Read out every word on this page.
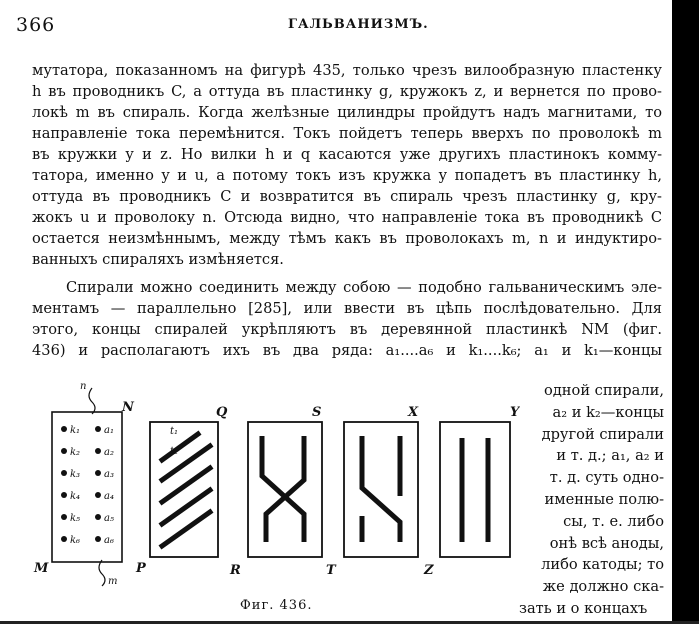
366	ГАЛЬВАНИЗМЪ.
мутатора, показанномъ на фигурѣ 435, только чрезъ вилообразную пластенку
h въ проводникъ C, а оттуда въ пластинку g, кружокъ z, и вернется по прово-
локѣ m въ спираль. Когда желѣзные цилиндры пройдутъ надъ магнитами, то
направленіе тока перемѣнится. Токъ пойдетъ теперь вверхъ по проволокѣ m
въ кружки y и z. Но вилки h и q касаются уже другихъ пластинокъ комму-
татора, именно y и u, а потому токъ изъ кружка y попадетъ въ пластинку h,
оттуда въ проводникъ C и возвратится въ спираль чрезъ пластинку g, кру-
жокъ u и проволоку n. Отсюда видно, что направленіе тока въ проводникѣ C
остается неизмѣннымъ, между тѣмъ какъ въ проволокахъ m, n и индуктиро-
ванныхъ спираляхъ измѣняется.
Спирали можно соединить между собою — подобно гальваническимъ эле-
ментамъ — параллельно [285], или ввести въ цѣпь послѣдовательно. Для
этого, концы спиралей укрѣпляютъ въ деревянной пластинкѣ NM (фиг.
436) и располагаютъ ихъ въ два ряда: a₁....a₆ и k₁....k₆; a₁ и k₁—концы
одной спирали,
a₂ и k₂—концы
другой спирали
и т. д.; a₁, a₂ и
т. д. суть одно-
именные полю-
сы, т. е. либо
онѣ всѣ аноды,
либо катоды; то
же должно ска-
зать и о концахъ
N
M
Q
P
S
R
X
T
Y
Z
n
m
k₁
k₂
k₃
k₄
k₅
k₆
a₁
a₂
a₃
a₄
a₅
a₆
t₁
t₂
Фиг. 436.
